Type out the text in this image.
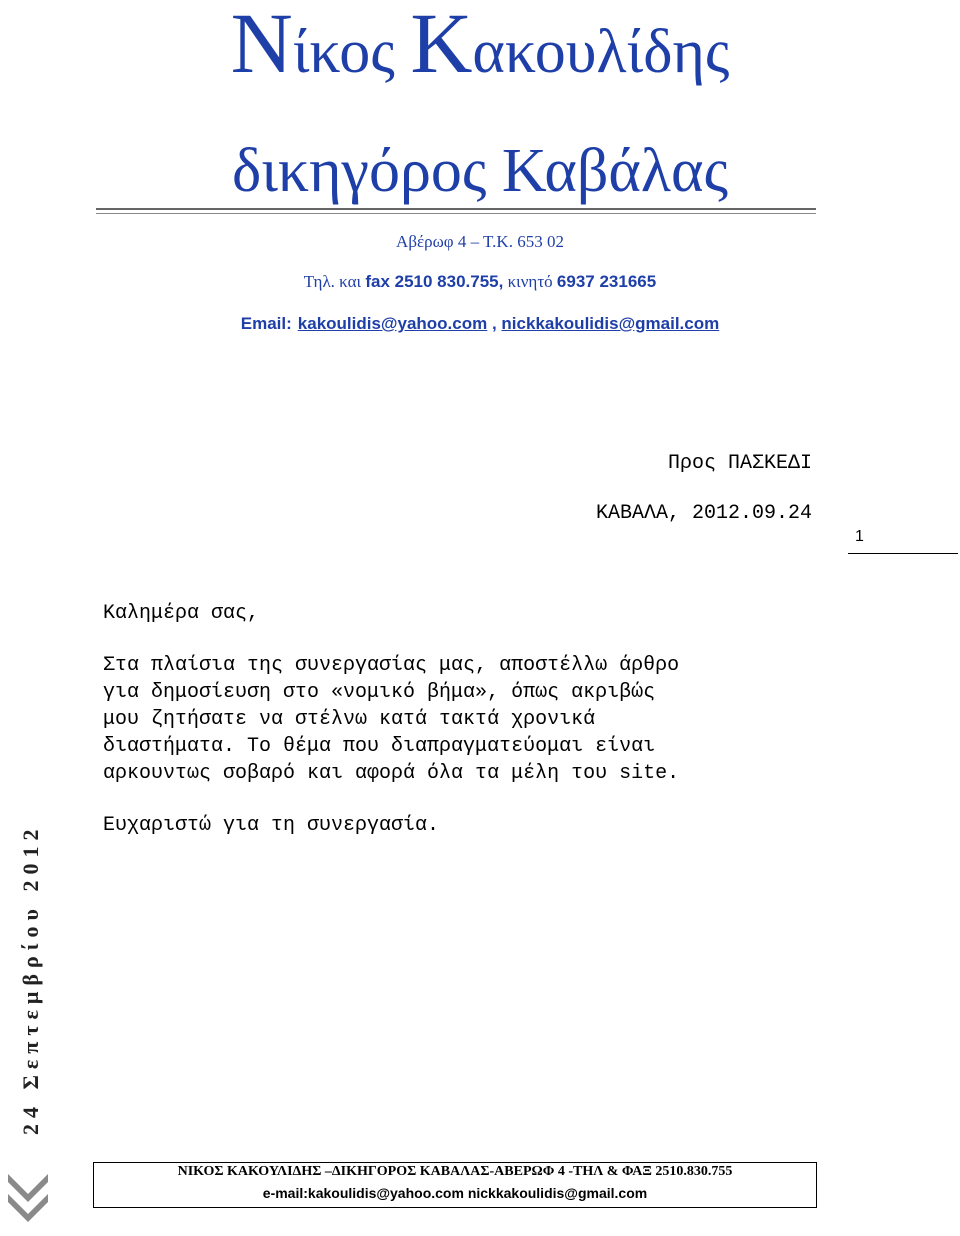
Νίκος Κακουλίδης
δικηγόρος Καβάλας
Αβέρωφ 4 – Τ.Κ. 653 02
Τηλ. και fax 2510 830.755, κινητό 6937 231665
Email: kakoulidis@yahoo.com , nickkakoulidis@gmail.com
Προς ΠΑΣΚΕΔΙ
ΚΑΒΑΛΑ, 2012.09.24
1
Καλημέρα σας,
Στα πλαίσια της συνεργασίας μας, αποστέλλω άρθρο
για δημοσίευση στο «νομικό βήμα», όπως ακριβώς
μου ζητήσατε να στέλνω κατά τακτά χρονικά
διαστήματα. Το θέμα που διαπραγματεύομαι είναι
αρκουντως σοβαρό και αφορά όλα τα μέλη του site.
Ευχαριστώ για τη συνεργασία.
24 Σεπτεμβρίου 2012
ΝΙΚΟΣ ΚΑΚΟΥΛΙΔΗΣ –ΔΙΚΗΓΟΡΟΣ ΚΑΒΑΛΑΣ-ΑΒΕΡΩΦ 4 -ΤΗΛ & ΦΑΞ 2510.830.755
e-mail:kakoulidis@yahoo.com nickkakoulidis@gmail.com
